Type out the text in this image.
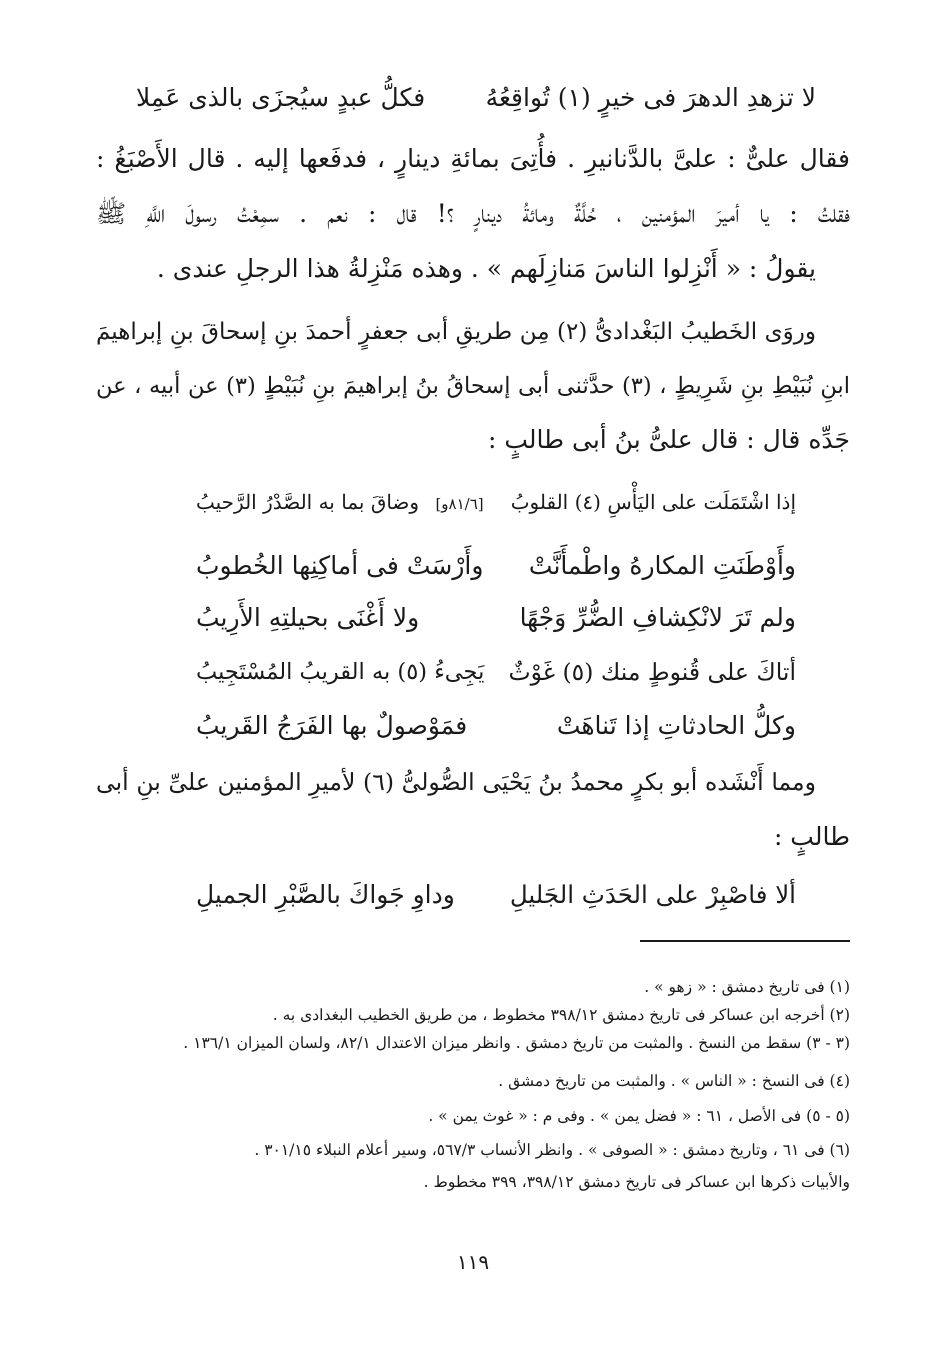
لا تزهدِ الدهرَ فى خيرٍ (١) تُواقِعُهُ
فكلُّ عبدٍ سيُجزَى بالذى عَمِلا
فقال علىٌّ : علىَّ بالدَّنانيرِ . فأُتِىَ بمائةِ دينارٍ ، فدفَعها إليه . قال الأَصْبَغُ :
فقلتُ : يا أميرَ المؤمنين ، حُلَّةٌ ومائةُ دينارٍ ؟! قال : نعم . سمِعْتُ رسولَ اللَّهِ ﷺ
يقولُ : « أَنْزِلوا الناسَ مَنازِلَهم » . وهذه مَنْزِلةُ هذا الرجلِ عندى .
وروَى الخَطيبُ البَغْدادىُّ (٢) مِن طريقِ أبى جعفرٍ أحمدَ بنِ إسحاقَ بنِ إبراهيمَ
ابنِ نُبَيْطِ بنِ شَرِيطٍ ، (٣) حدَّثنى أبى إسحاقُ بنُ إبراهيمَ بنِ نُبَيْطٍ (٣) عن أبيه ، عن
جَدِّه قال : قال علىُّ بنُ أبى طالبٍ :
إذا اشْتَمَلَت على اليَأْسِ (٤) القلوبُ
[٨١/٦و] وضاقَ بما به الصَّدْرُ الرَّحيبُ
وأَوْطَنَتِ المكارهُ واطْمأَنَّتْ
وأَرْسَتْ فى أماكِنِها الخُطوبُ
ولم تَرَ لانْكِشافِ الضُّرِّ وَجْهًا
ولا أَغْنَى بحيلتِهِ الأَرِيبُ
أتاكَ على قُنوطٍ منك (٥) غَوْثٌ
يَجِىءُ (٥) به القريبُ المُسْتَجِيبُ
وكلُّ الحادثاتِ إذا تَناهَتْ
فمَوْصولٌ بها الفَرَجُ القَريبُ
ومما أَنْشَده أبو بكرٍ محمدُ بنُ يَحْيَى الصُّولىُّ (٦) لأميرِ المؤمنين علىِّ بنِ أبى
طالبٍ :
ألا فاصْبِرْ على الحَدَثِ الجَليلِ
وداوِ جَواكَ بالصَّبْرِ الجميلِ
(١) فى تاريخ دمشق : « زهو » .
(٢) أخرجه ابن عساكر فى تاريخ دمشق ٣٩٨/١٢ مخطوط ، من طريق الخطيب البغدادى به .
(٣ - ٣) سقط من النسخ . والمثبت من تاريخ دمشق . وانظر ميزان الاعتدال ٨٢/١، ولسان الميزان ١٣٦/١ .
(٤) فى النسخ : « الناس » . والمثبت من تاريخ دمشق .
(٥ - ٥) فى الأصل ، ٦١ : « فضل يمن » . وفى م : « غوث يمن » .
(٦) فى ٦١ ، وتاريخ دمشق : « الصوفى » . وانظر الأنساب ٥٦٧/٣، وسير أعلام النبلاء ٣٠١/١٥ .
والأبيات ذكرها ابن عساكر فى تاريخ دمشق ٣٩٨/١٢، ٣٩٩ مخطوط .
١١٩
